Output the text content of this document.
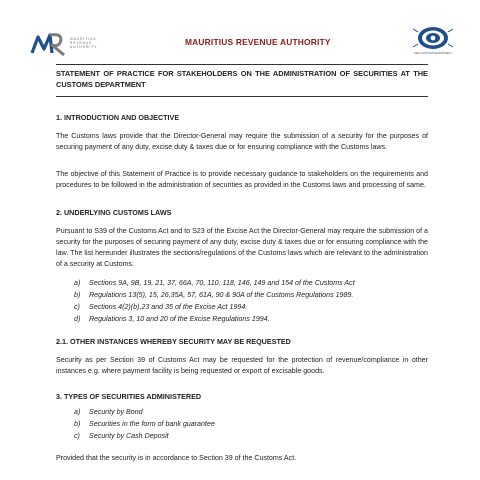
MAURITIUS
REVENUE
AUTHORITY	MAURITIUS REVENUE AUTHORITY
MRA CUSTOMS DEPARTMENT
STATEMENT OF PRACTICE FOR STAKEHOLDERS ON THE ADMINISTRATION OF SECURITIES AT THE CUSTOMS DEPARTMENT
1. INTRODUCTION AND OBJECTIVE
The Customs laws provide that the Director-General may require the submission of a security for the purposes of securing payment of any duty, excise duty & taxes due or for ensuring compliance with the Customs laws.
The objective of this Statement of Practice is to provide necessary guidance to stakeholders on the requirements and procedures to be followed in the administration of securities as provided in the Customs laws and processing of same.
2. UNDERLYING CUSTOMS LAWS
Pursuant to S39 of the Customs Act and to S23 of the Excise Act the Director-General may require the submission of a security for the purposes of securing payment of any duty, excise duty & taxes due or for ensuring compliance with the law. The list hereunder illustrates the sections/regulations of the Customs laws which are relevant to the administration of a security at Customs.
a) Sections 9A, 9B, 19, 21, 37, 66A, 70, 110, 118, 146, 149 and 154 of the Customs Act
b) Regulations 13(5), 15, 26,35A, 57, 61A, 90 & 90A of the Customs Regulations 1989.
c) Sections 4(2)(b),23 and 35 of the Excise Act 1994.
d) Regulations 3, 10 and 20 of the Excise Regulations 1994.
2.1. OTHER INSTANCES WHEREBY SECURITY MAY BE REQUESTED
Security as per Section 39 of Customs Act may be requested for the protection of revenue/compliance in other instances e.g. where payment facility is being requested or export of excisable goods.
3. TYPES OF SECURITIES ADMINISTERED
a) Security by Bond
b) Securities in the form of bank guarantee
c) Security by Cash Deposit
Provided that the security is in accordance to Section 39 of the Customs Act.
